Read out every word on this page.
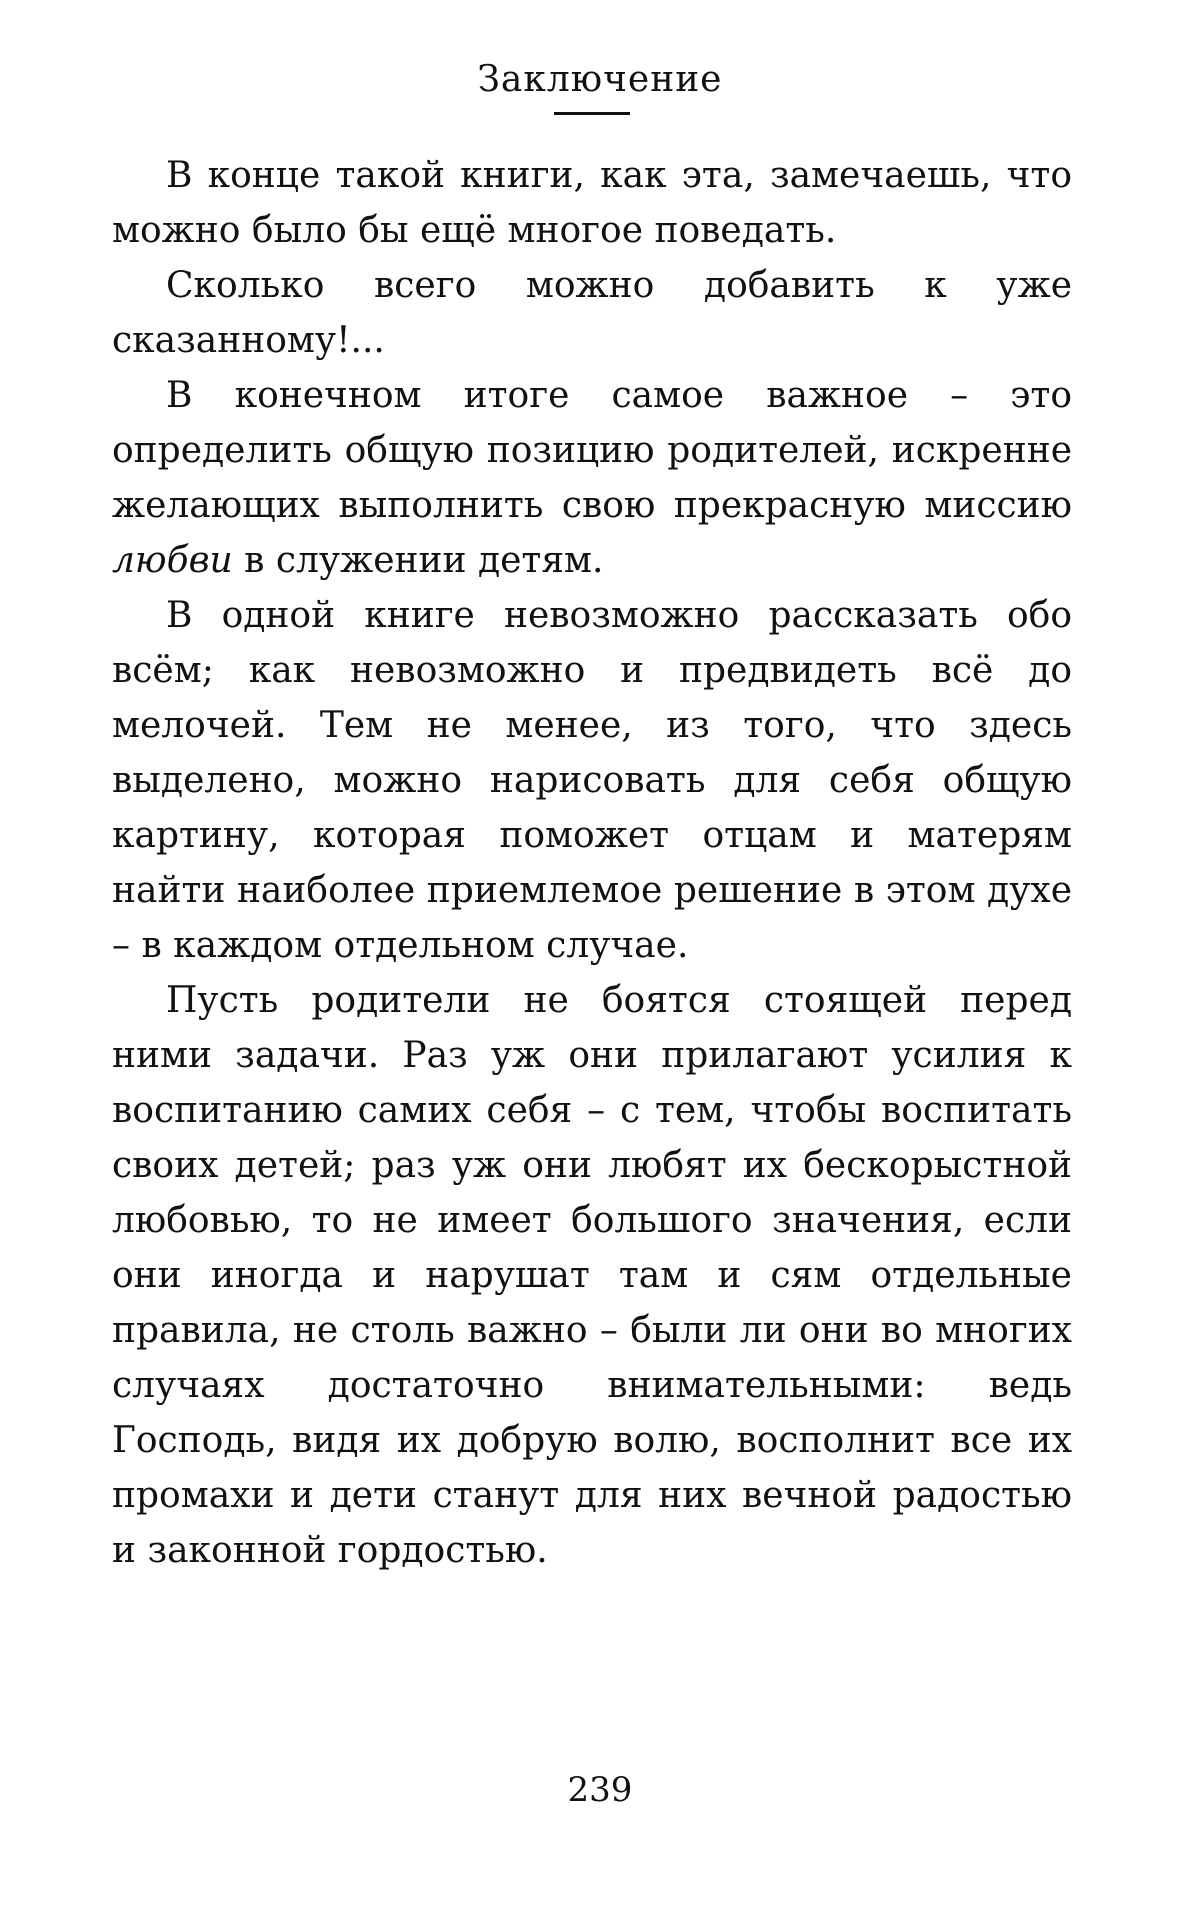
Заключение

В конце такой книги, как эта, замечаешь, что можно было бы ещё многое поведать.

Сколько всего можно добавить к уже сказанному!...

В конечном итоге самое важное – это определить общую позицию родителей, искренне желающих выполнить свою прекрасную миссию любви в служении детям.

В одной книге невозможно рассказать обо всём; как невозможно и предвидеть всё до мелочей. Тем не менее, из того, что здесь выделено, можно нарисовать для себя общую картину, которая поможет отцам и матерям найти наиболее приемлемое решение в этом духе – в каждом отдельном случае.

Пусть родители не боятся стоящей перед ними задачи. Раз уж они прилагают усилия к воспитанию самих себя – с тем, чтобы воспитать своих детей; раз уж они любят их бескорыстной любовью, то не имеет большого значения, если они иногда и нарушат там и сям отдельные правила, не столь важно – были ли они во многих случаях достаточно внимательными: ведь Господь, видя их добрую волю, восполнит все их промахи и дети станут для них вечной радостью и законной гордостью.

239
